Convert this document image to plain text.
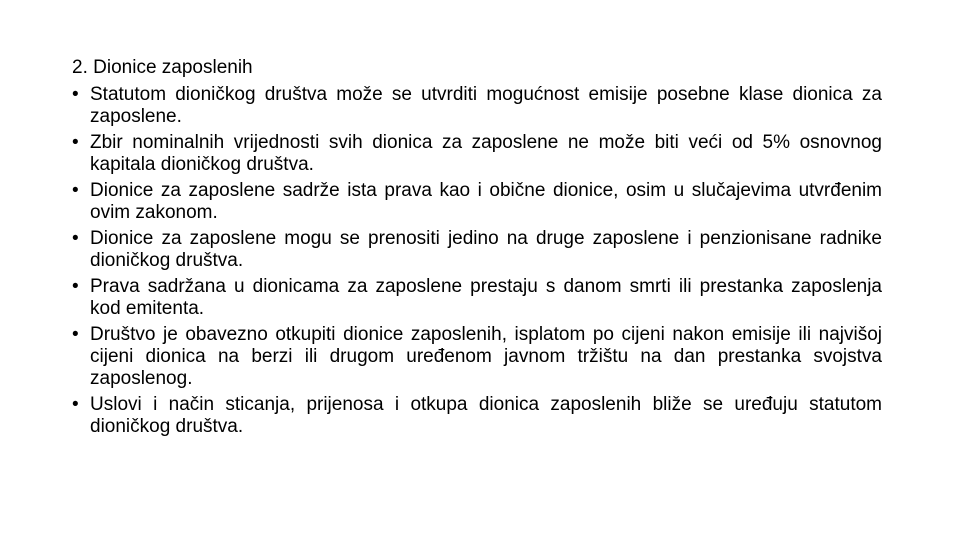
2. Dionice zaposlenih
• Statutom dioničkog društva može se utvrditi mogućnost emisije posebne klase dionica za zaposlene.
• Zbir nominalnih vrijednosti svih dionica za zaposlene ne može biti veći od 5% osnovnog kapitala dioničkog društva.
• Dionice za zaposlene sadrže ista prava kao i obične dionice, osim u slučajevima utvrđenim ovim zakonom.
• Dionice za zaposlene mogu se prenositi jedino na druge zaposlene i penzionisane radnike dioničkog društva.
• Prava sadržana u dionicama za zaposlene prestaju s danom smrti ili prestanka zaposlenja kod emitenta.
• Društvo je obavezno otkupiti dionice zaposlenih, isplatom po cijeni nakon emisije ili najvišoj cijeni dionica na berzi ili drugom uređenom javnom tržištu na dan prestanka svojstva zaposlenog.
• Uslovi i način sticanja, prijenosa i otkupa dionica zaposlenih bliže se uređuju statutom dioničkog društva.
